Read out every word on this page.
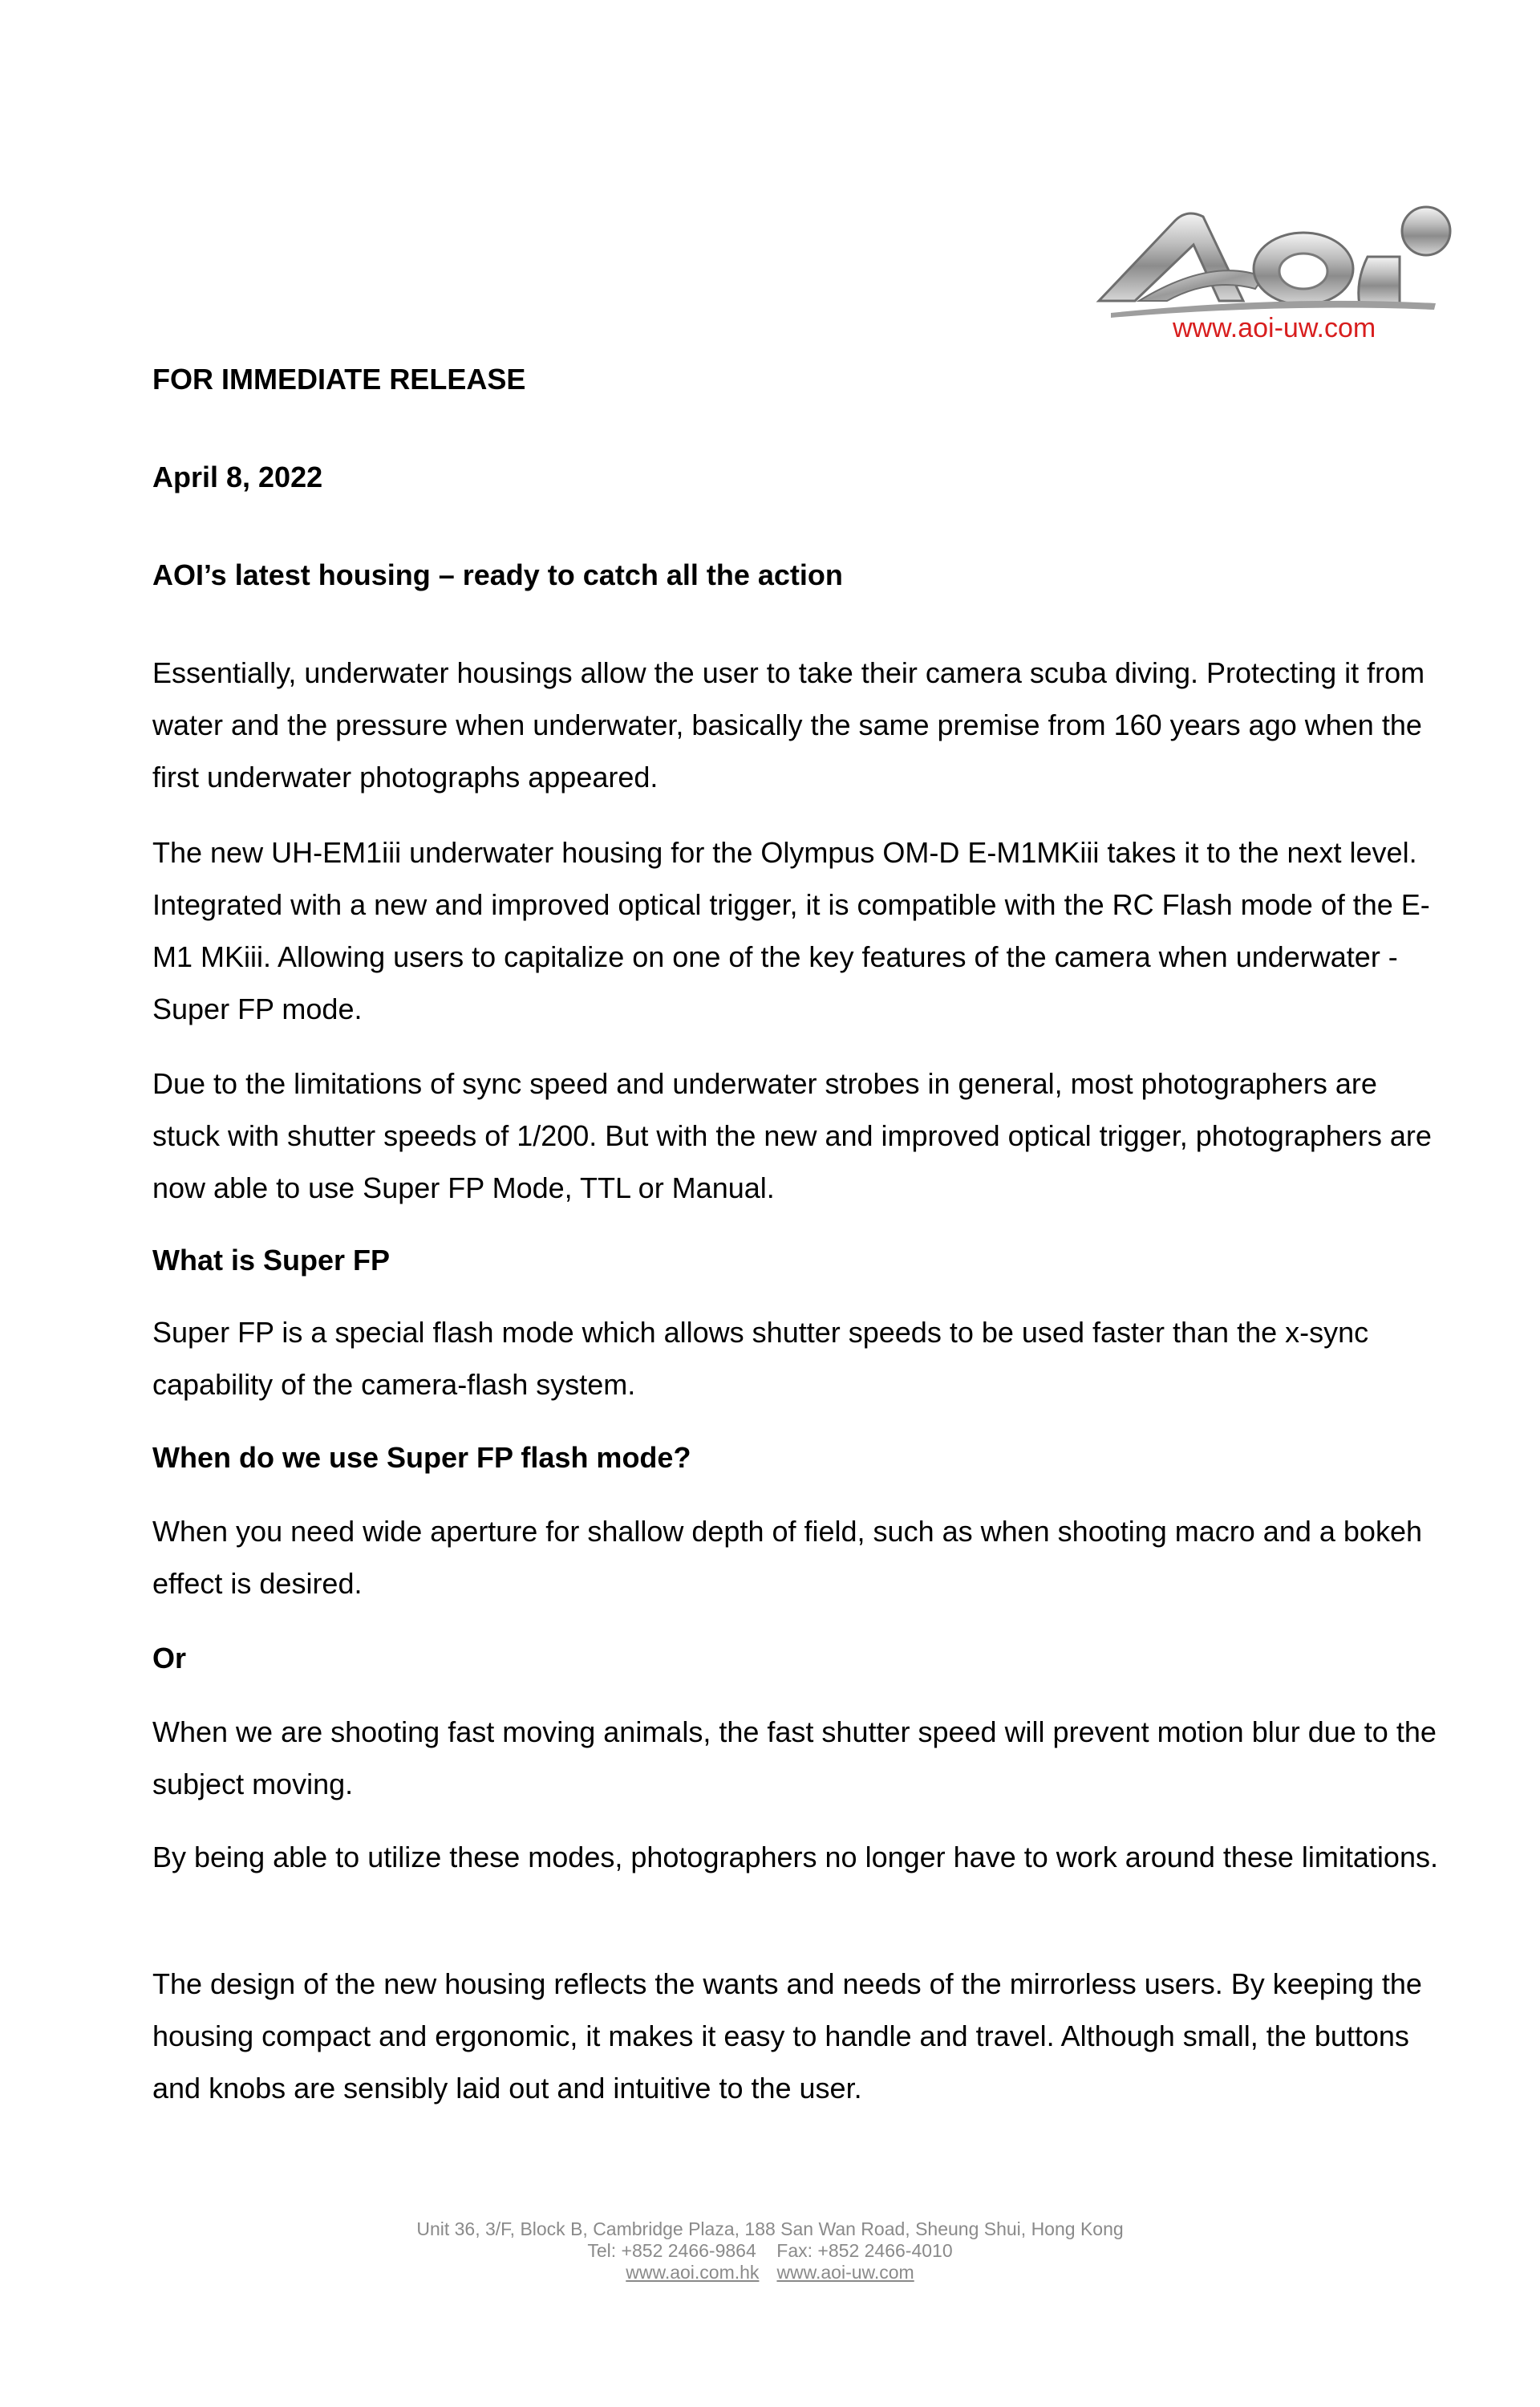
www.aoi-uw.com

FOR IMMEDIATE RELEASE

April 8, 2022

AOI’s latest housing – ready to catch all the action

Essentially, underwater housings allow the user to take their camera scuba diving. Protecting it from water and the pressure when underwater, basically the same premise from 160 years ago when the first underwater photographs appeared.

The new UH-EM1iii underwater housing for the Olympus OM-D E-M1MKiii takes it to the next level. Integrated with a new and improved optical trigger, it is compatible with the RC Flash mode of the E-M1 MKiii. Allowing users to capitalize on one of the key features of the camera when underwater - Super FP mode.

Due to the limitations of sync speed and underwater strobes in general, most photographers are stuck with shutter speeds of 1/200. But with the new and improved optical trigger, photographers are now able to use Super FP Mode, TTL or Manual.

What is Super FP

Super FP is a special flash mode which allows shutter speeds to be used faster than the x-sync capability of the camera-flash system.

When do we use Super FP flash mode?

When you need wide aperture for shallow depth of field, such as when shooting macro and a bokeh effect is desired.

Or

When we are shooting fast moving animals, the fast shutter speed will prevent motion blur due to the subject moving.

By being able to utilize these modes, photographers no longer have to work around these limitations.

The design of the new housing reflects the wants and needs of the mirrorless users. By keeping the housing compact and ergonomic, it makes it easy to handle and travel. Although small, the buttons and knobs are sensibly laid out and intuitive to the user.

Unit 36, 3/F, Block B, Cambridge Plaza, 188 San Wan Road, Sheung Shui, Hong Kong
Tel: +852 2466-9864    Fax: +852 2466-4010
www.aoi.com.hk www.aoi-uw.com
